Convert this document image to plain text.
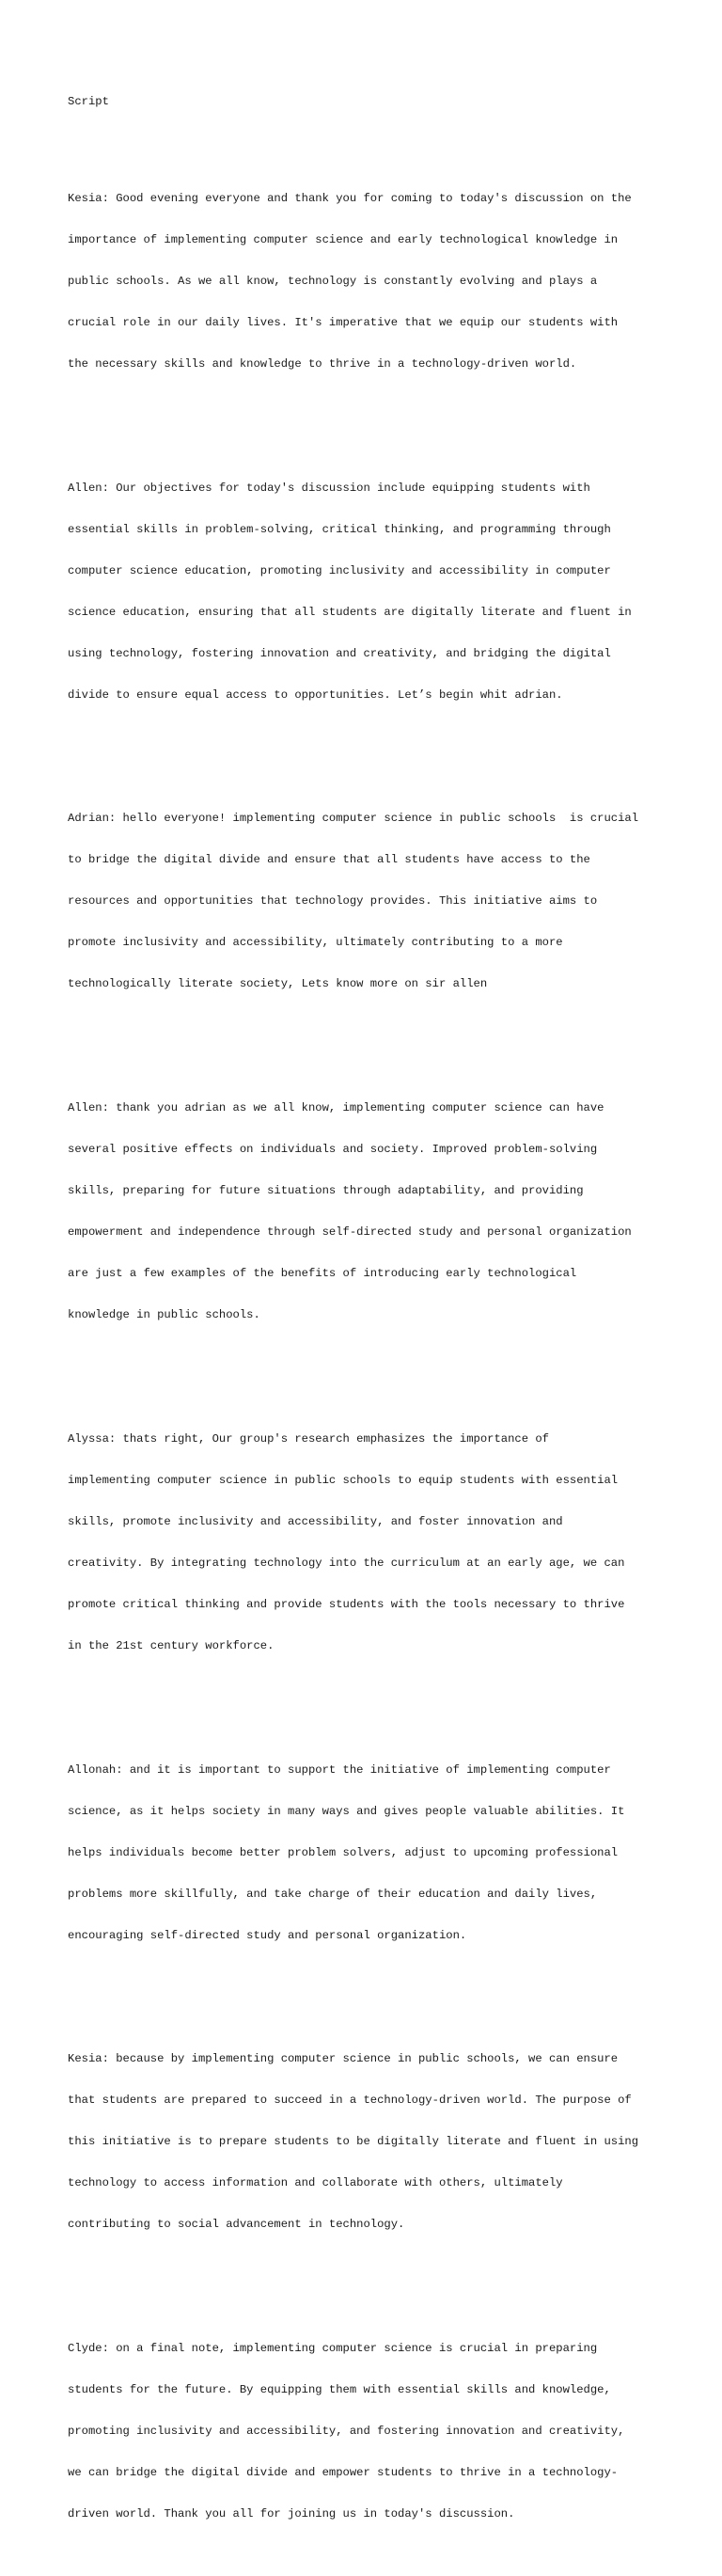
Script

Kesia: Good evening everyone and thank you for coming to today's discussion on the

importance of implementing computer science and early technological knowledge in

public schools. As we all know, technology is constantly evolving and plays a

crucial role in our daily lives. It's imperative that we equip our students with

the necessary skills and knowledge to thrive in a technology-driven world.

Allen: Our objectives for today's discussion include equipping students with

essential skills in problem-solving, critical thinking, and programming through

computer science education, promoting inclusivity and accessibility in computer

science education, ensuring that all students are digitally literate and fluent in

using technology, fostering innovation and creativity, and bridging the digital

divide to ensure equal access to opportunities. Let’s begin whit adrian.

Adrian: hello everyone! implementing computer science in public schools  is crucial

to bridge the digital divide and ensure that all students have access to the

resources and opportunities that technology provides. This initiative aims to

promote inclusivity and accessibility, ultimately contributing to a more

technologically literate society, Lets know more on sir allen

Allen: thank you adrian as we all know, implementing computer science can have

several positive effects on individuals and society. Improved problem-solving

skills, preparing for future situations through adaptability, and providing

empowerment and independence through self-directed study and personal organization

are just a few examples of the benefits of introducing early technological

knowledge in public schools.

Alyssa: thats right, Our group's research emphasizes the importance of

implementing computer science in public schools to equip students with essential

skills, promote inclusivity and accessibility, and foster innovation and

creativity. By integrating technology into the curriculum at an early age, we can

promote critical thinking and provide students with the tools necessary to thrive

in the 21st century workforce.

Allonah: and it is important to support the initiative of implementing computer

science, as it helps society in many ways and gives people valuable abilities. It

helps individuals become better problem solvers, adjust to upcoming professional

problems more skillfully, and take charge of their education and daily lives,

encouraging self-directed study and personal organization.

Kesia: because by implementing computer science in public schools, we can ensure

that students are prepared to succeed in a technology-driven world. The purpose of

this initiative is to prepare students to be digitally literate and fluent in using

technology to access information and collaborate with others, ultimately

contributing to social advancement in technology.

Clyde: on a final note, implementing computer science is crucial in preparing

students for the future. By equipping them with essential skills and knowledge,

promoting inclusivity and accessibility, and fostering innovation and creativity,

we can bridge the digital divide and empower students to thrive in a technology-

driven world. Thank you all for joining us in today's discussion.
